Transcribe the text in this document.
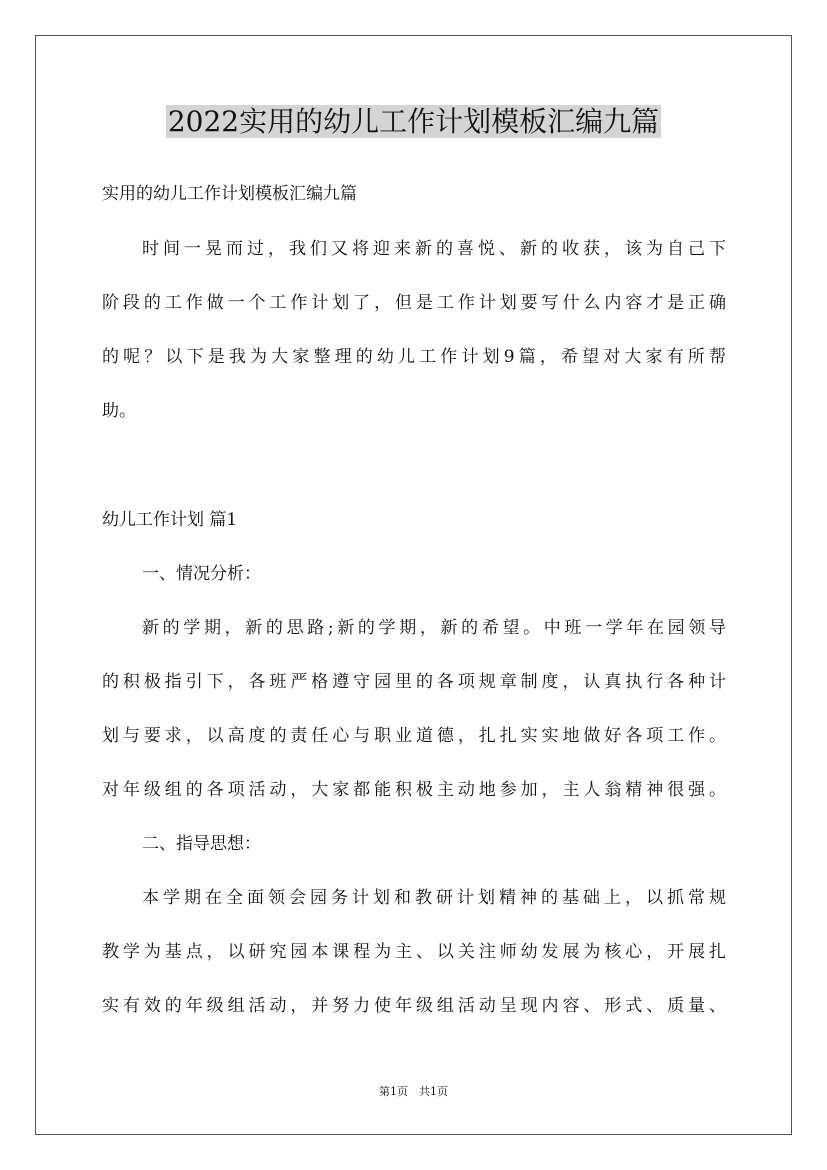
2022实用的幼儿工作计划模板汇编九篇
实用的幼儿工作计划模板汇编九篇
时间一晃而过，我们又将迎来新的喜悦、新的收获，该为自己下
阶段的工作做一个工作计划了，但是工作计划要写什么内容才是正确
的呢？以下是我为大家整理的幼儿工作计划9篇，希望对大家有所帮
助。
幼儿工作计划 篇1
一、情况分析：
新的学期，新的思路;新的学期，新的希望。中班一学年在园领导
的积极指引下，各班严格遵守园里的各项规章制度，认真执行各种计
划与要求，以高度的责任心与职业道德，扎扎实实地做好各项工作。
对年级组的各项活动，大家都能积极主动地参加，主人翁精神很强。
二、指导思想：
本学期在全面领会园务计划和教研计划精神的基础上，以抓常规
教学为基点，以研究园本课程为主、以关注师幼发展为核心，开展扎
实有效的年级组活动，并努力使年级组活动呈现内容、形式、质量、
第1页　共1页
